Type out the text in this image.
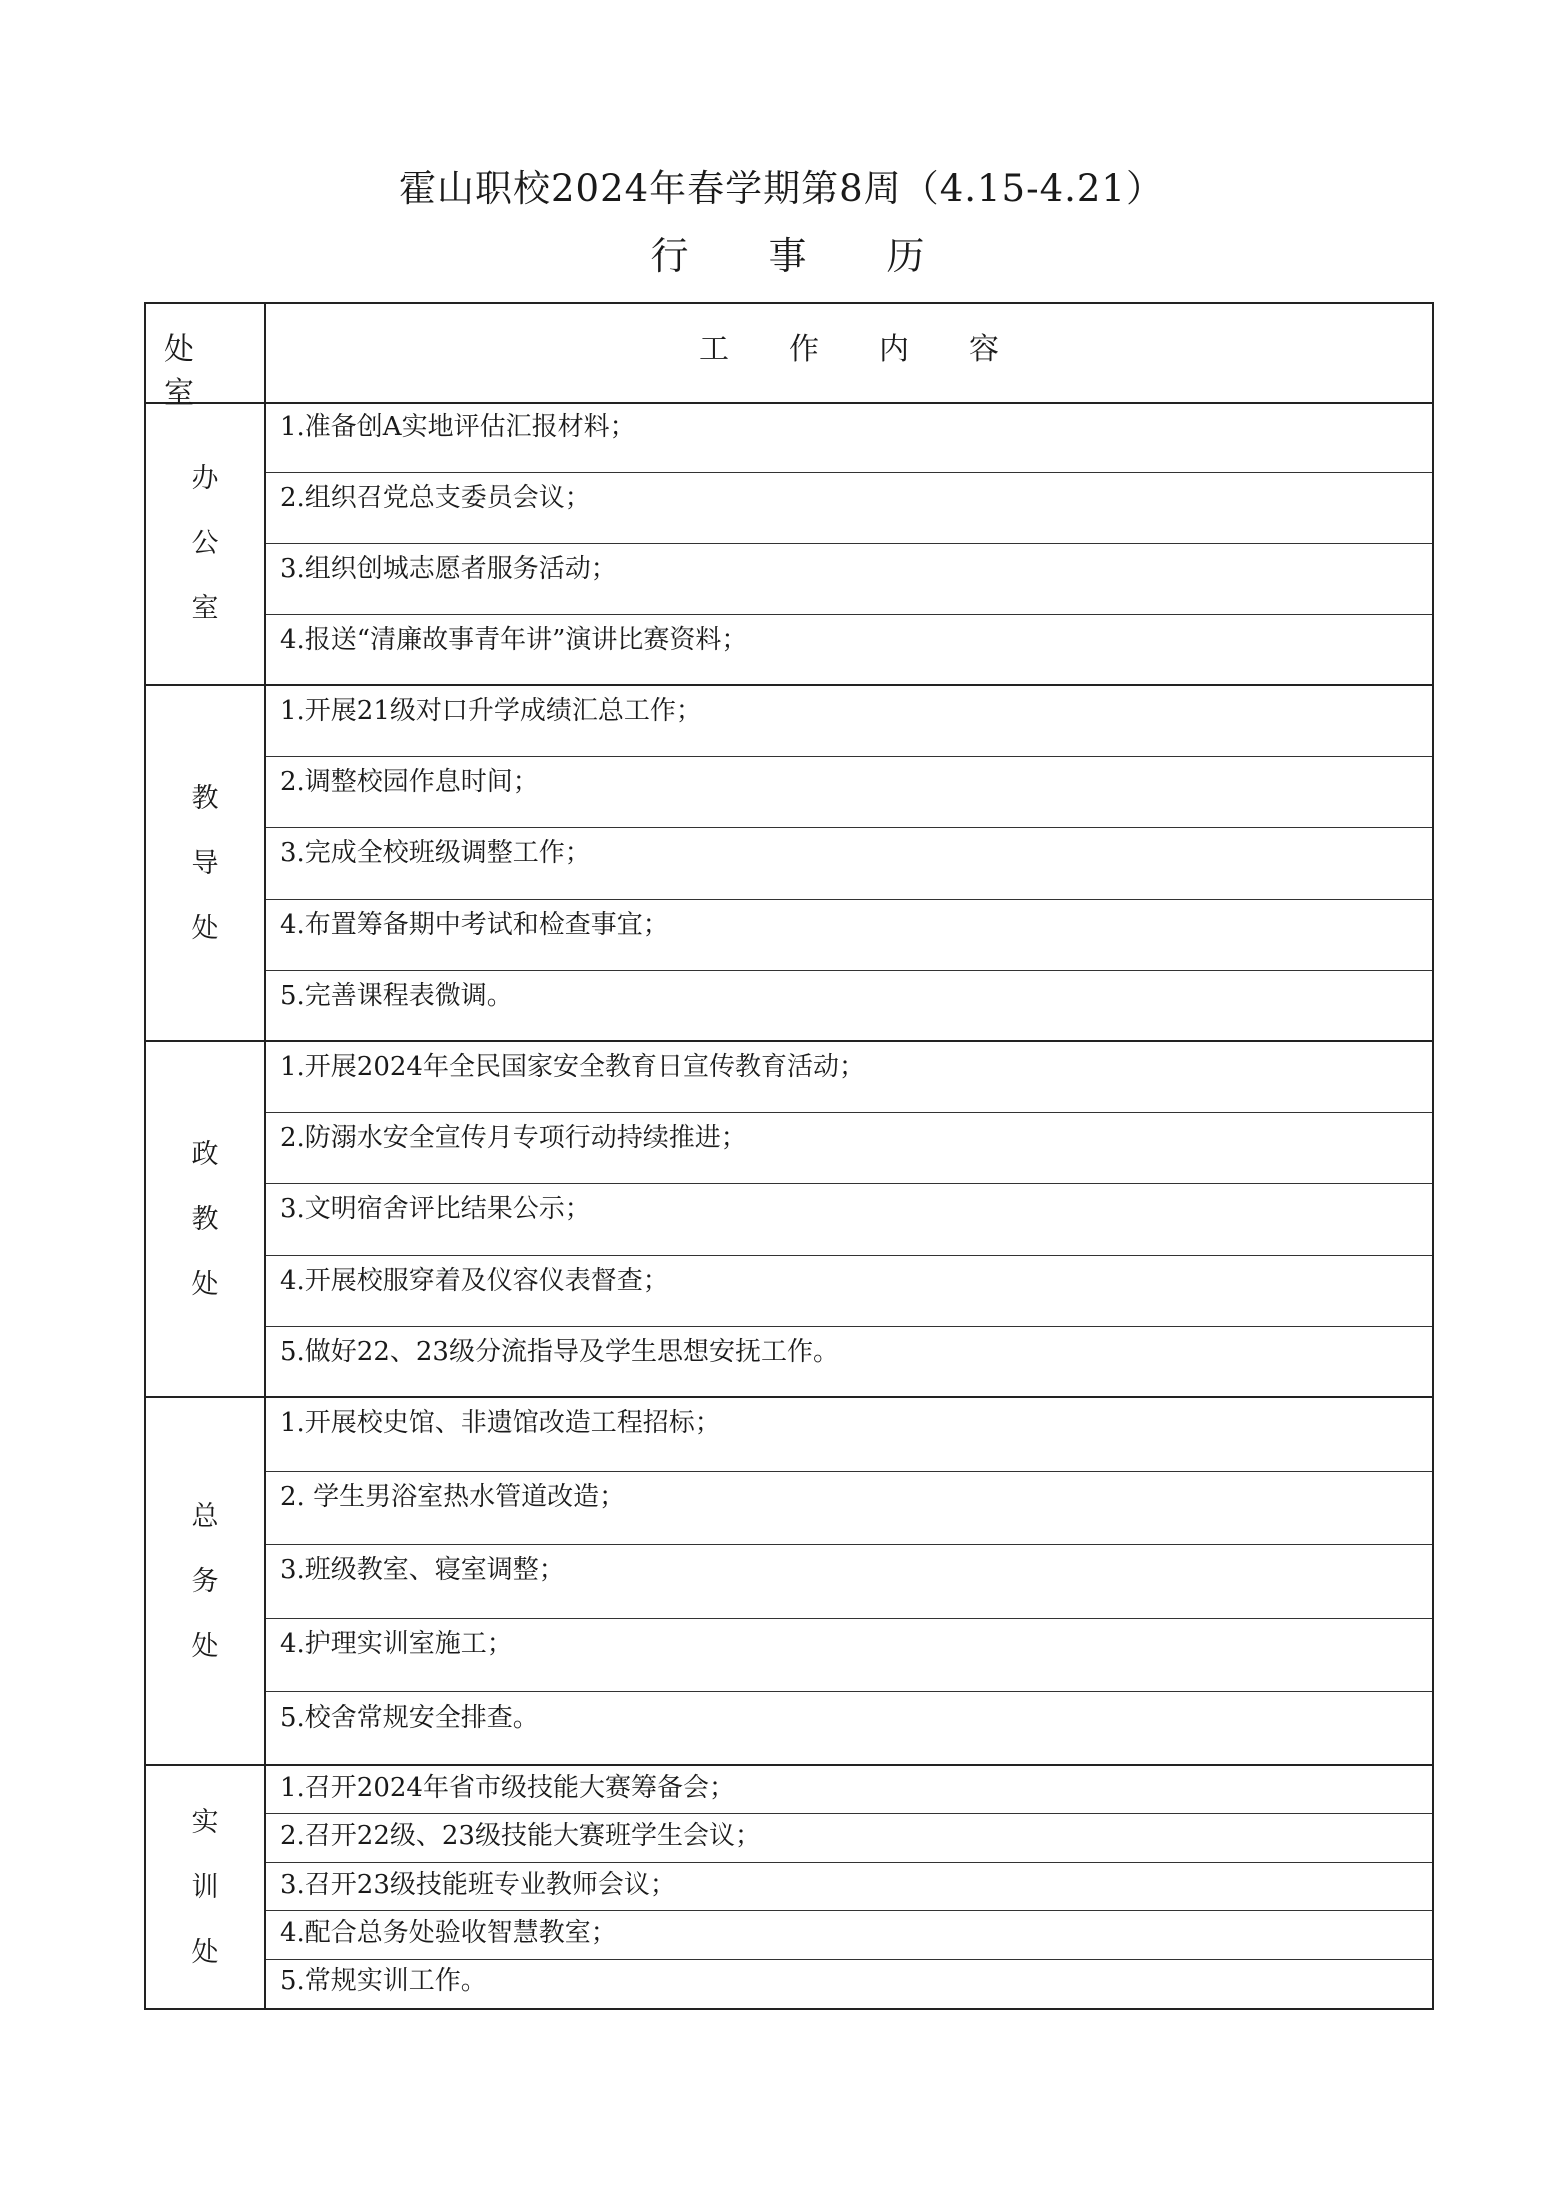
霍山职校2024年春学期第8周（4.15-4.21）
行 事 历
处 室
工 作 内 容
办
公
室
1.准备创A实地评估汇报材料；
2.组织召党总支委员会议；
3.组织创城志愿者服务活动；
4.报送“清廉故事青年讲”演讲比赛资料；
教
导
处
1.开展21级对口升学成绩汇总工作；
2.调整校园作息时间；
3.完成全校班级调整工作；
4.布置筹备期中考试和检查事宜；
5.完善课程表微调。
政
教
处
1.开展2024年全民国家安全教育日宣传教育活动；
2.防溺水安全宣传月专项行动持续推进；
3.文明宿舍评比结果公示；
4.开展校服穿着及仪容仪表督查；
5.做好22、23级分流指导及学生思想安抚工作。
总
务
处
1.开展校史馆、非遗馆改造工程招标；
2. 学生男浴室热水管道改造；
3.班级教室、寝室调整；
4.护理实训室施工；
5.校舍常规安全排查。
实
训
处
1.召开2024年省市级技能大赛筹备会；
2.召开22级、23级技能大赛班学生会议；
3.召开23级技能班专业教师会议；
4.配合总务处验收智慧教室；
5.常规实训工作。
